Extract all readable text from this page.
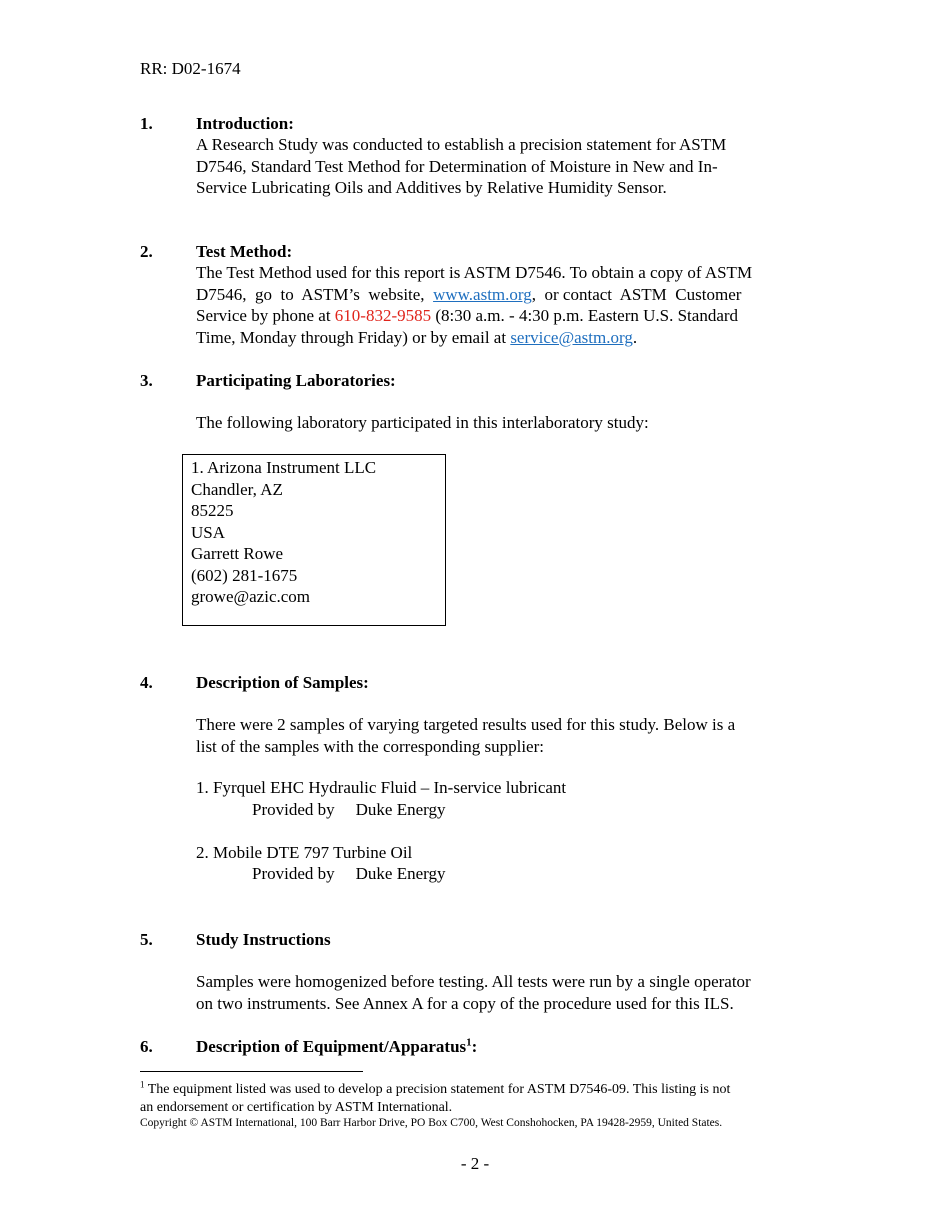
RR: D02-1674
1.	Introduction:
A Research Study was conducted to establish a precision statement for ASTM
D7546, Standard Test Method for Determination of Moisture in New and In-
Service Lubricating Oils and Additives by Relative Humidity Sensor.
2.	Test Method:
The Test Method used for this report is ASTM D7546. To obtain a copy of ASTM
D7546,  go  to  ASTM’s  website,  www.astm.org,  or contact  ASTM  Customer
Service by phone at 610-832-9585 (8:30 a.m. - 4:30 p.m. Eastern U.S. Standard
Time, Monday through Friday) or by email at service@astm.org.
3.	Participating Laboratories:
The following laboratory participated in this interlaboratory study:
1. Arizona Instrument LLC
Chandler, AZ
85225
USA
Garrett Rowe
(602) 281-1675
growe@azic.com
4.	Description of Samples:
There were 2 samples of varying targeted results used for this study. Below is a
list of the samples with the corresponding supplier:
1. Fyrquel EHC Hydraulic Fluid – In-service lubricant
Provided by Duke Energy
2. Mobile DTE 797 Turbine Oil
Provided by Duke Energy
5.	Study Instructions
Samples were homogenized before testing. All tests were run by a single operator
on two instruments. See Annex A for a copy of the procedure used for this ILS.
6.	Description of Equipment/Apparatus$^1$:
$^1$ The equipment listed was used to develop a precision statement for ASTM D7546-09. This listing is not
an endorsement or certification by ASTM International.
Copyright © ASTM International, 100 Barr Harbor Drive, PO Box C700, West Conshohocken, PA 19428-2959, United States.
- 2 -
